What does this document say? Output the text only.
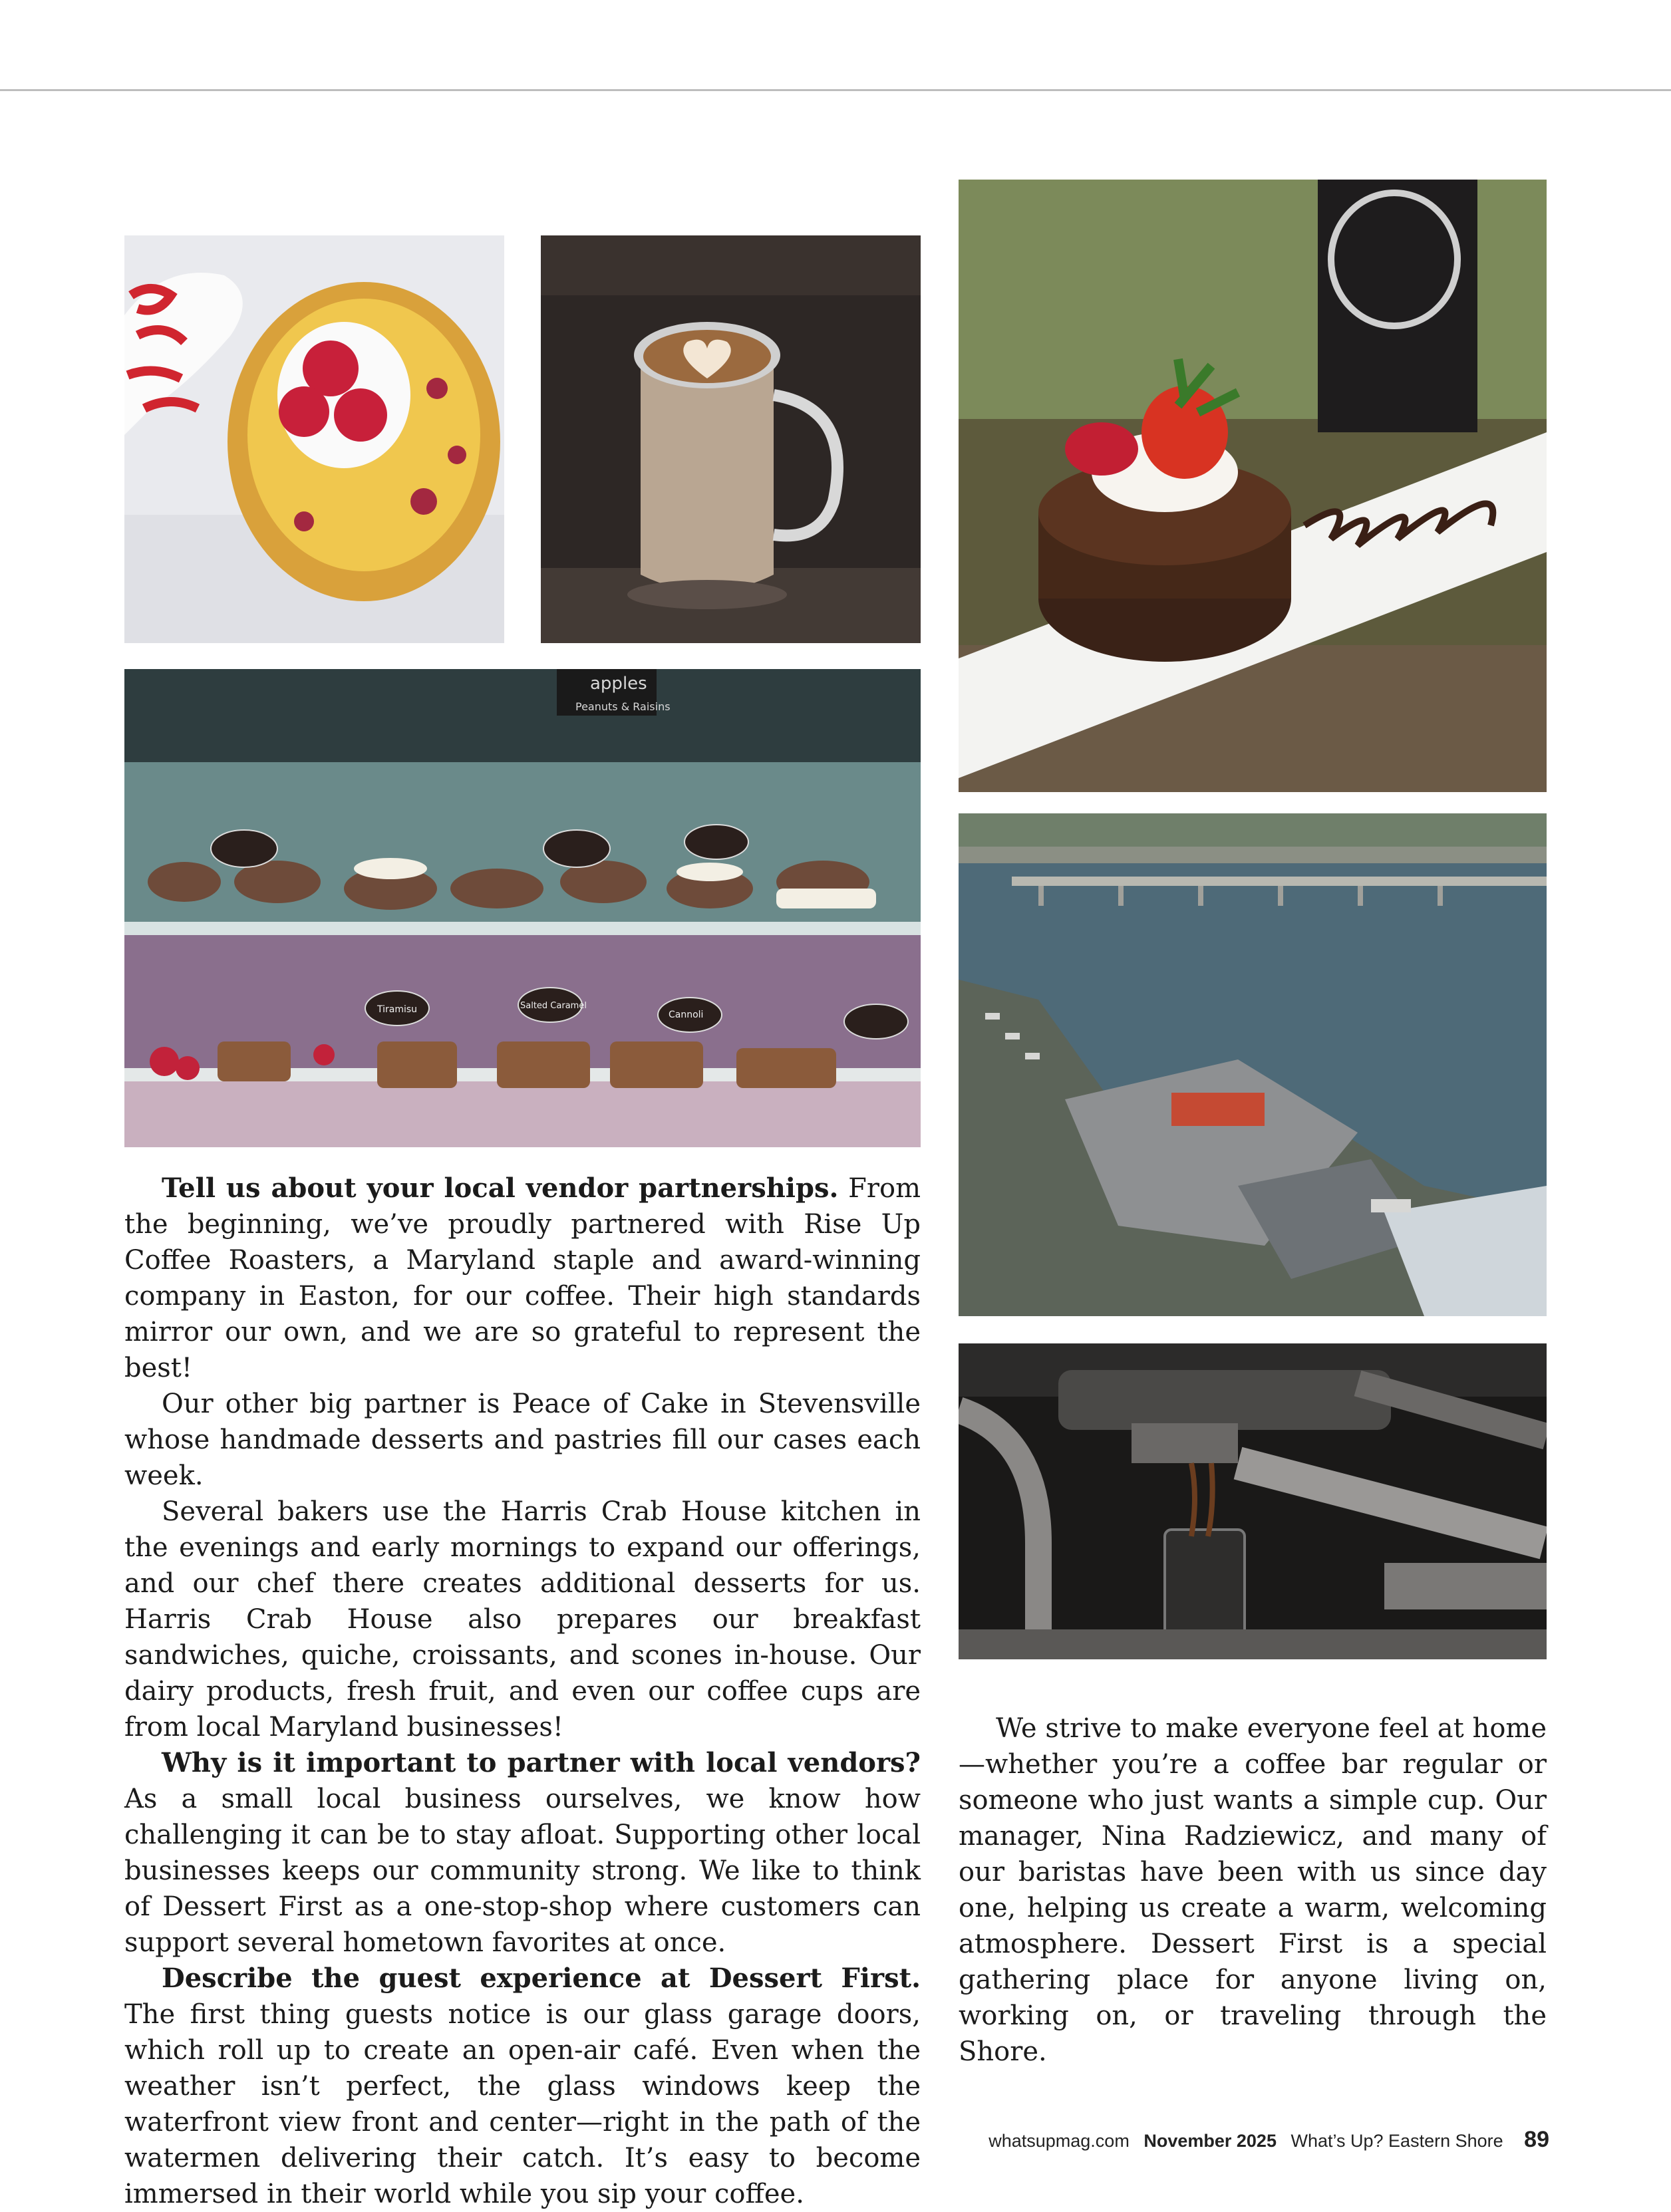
apples
Peanuts & Raisins
Tiramisu	Salted Caramel
Cannoli

Tell us about your local vendor partnerships. From the beginning, we’ve proudly partnered with Rise Up Coffee Roasters, a Maryland staple and award-winning company in Easton, for our coffee. Their high standards mirror our own, and we are so grateful to represent the best!

Our other big partner is Peace of Cake in Stevensville whose handmade desserts and pastries fill our cases each week.

Several bakers use the Harris Crab House kitchen in the evenings and early mornings to expand our offerings, and our chef there creates additional desserts for us. Harris Crab House also prepares our breakfast sandwiches, quiche, croissants, and scones in-house. Our dairy products, fresh fruit, and even our coffee cups are from local Maryland businesses!

Why is it important to partner with local vendors? As a small local business ourselves, we know how challenging it can be to stay afloat. Supporting other local businesses keeps our community strong. We like to think of Dessert First as a one-stop-shop where customers can support several hometown favorites at once.

Describe the guest experience at Dessert First. The first thing guests notice is our glass garage doors, which roll up to create an open-air café. Even when the weather isn’t perfect, the glass windows keep the waterfront view front and center—right in the path of the watermen delivering their catch. It’s easy to become immersed in their world while you sip your coffee.

We strive to make everyone feel at home—whether you’re a coffee bar regular or someone who just wants a simple cup. Our manager, Nina Radziewicz, and many of our baristas have been with us since day one, helping us create a warm, welcoming atmosphere. Dessert First is a special gathering place for anyone living on, working on, or traveling through the Shore.

whatsupmag.com November 2025 What’s Up? Eastern Shore 89
